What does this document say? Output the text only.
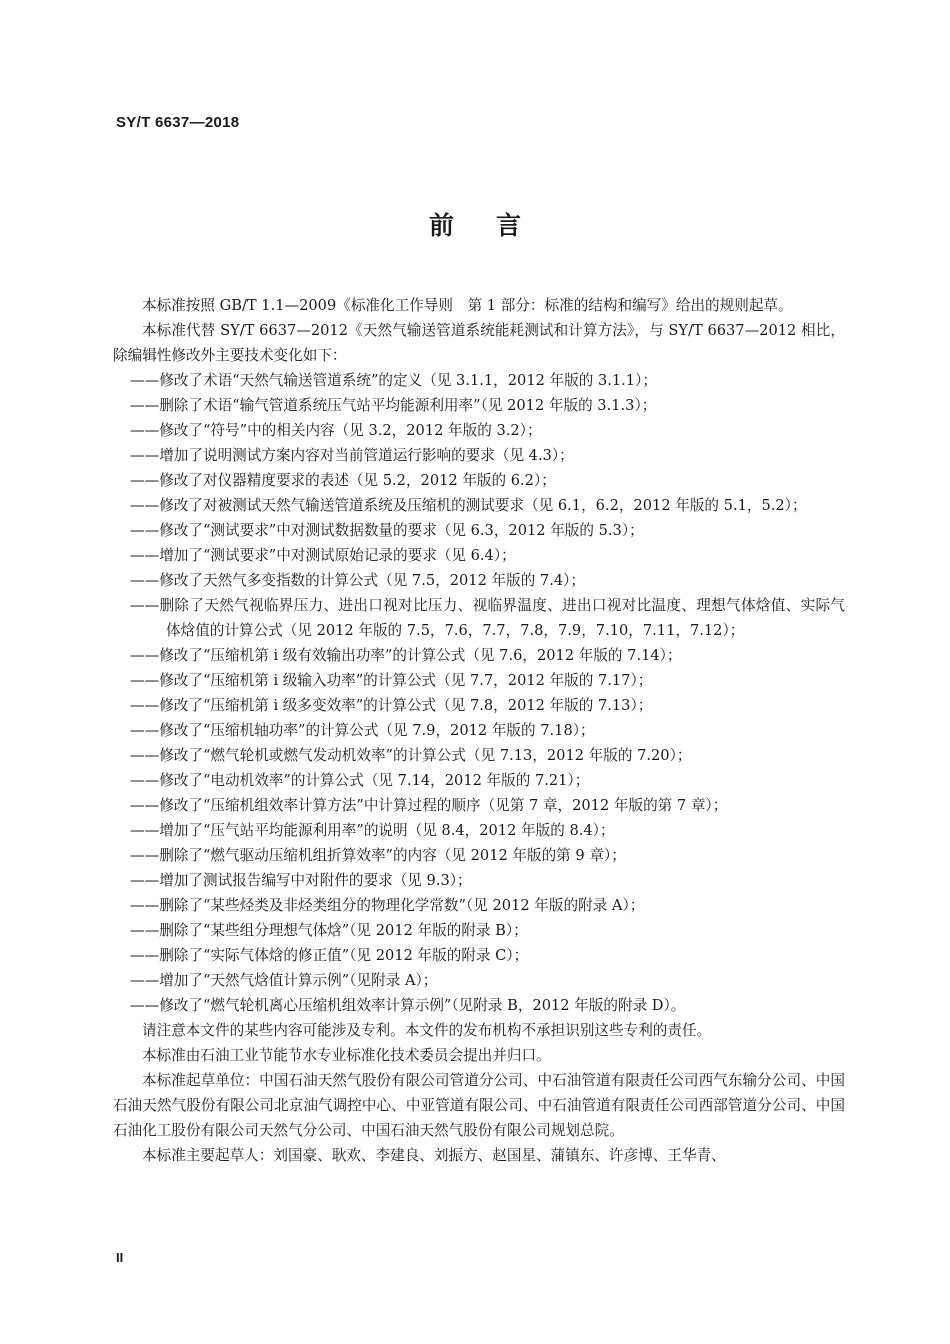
SY/T 6637—2018
前 言

本标准按照 GB/T 1.1—2009《标准化工作导则　第 1 部分：标准的结构和编写》给出的规则起草。

本标准代替 SY/T 6637—2012《天然气输送管道系统能耗测试和计算方法》，与 SY/T 6637—2012 相比，除编辑性修改外主要技术变化如下：

——修改了术语“天然气输送管道系统”的定义（见 3.1.1，2012 年版的 3.1.1）；

——删除了术语“输气管道系统压气站平均能源利用率”（见 2012 年版的 3.1.3）；

——修改了“符号”中的相关内容（见 3.2，2012 年版的 3.2）；

——增加了说明测试方案内容对当前管道运行影响的要求（见 4.3）；

——修改了对仪器精度要求的表述（见 5.2，2012 年版的 6.2）；

——修改了对被测试天然气输送管道系统及压缩机的测试要求（见 6.1，6.2，2012 年版的 5.1，5.2）；

——修改了“测试要求”中对测试数据数量的要求（见 6.3，2012 年版的 5.3）；

——增加了“测试要求”中对测试原始记录的要求（见 6.4）；

——修改了天然气多变指数的计算公式（见 7.5，2012 年版的 7.4）；

——删除了天然气视临界压力、进出口视对比压力、视临界温度、进出口视对比温度、理想气体焓值、实际气体焓值的计算公式（见 2012 年版的 7.5，7.6，7.7，7.8，7.9，7.10，7.11，7.12）；

——修改了“压缩机第 i 级有效输出功率”的计算公式（见 7.6，2012 年版的 7.14）；

——修改了“压缩机第 i 级输入功率”的计算公式（见 7.7，2012 年版的 7.17）；

——修改了“压缩机第 i 级多变效率”的计算公式（见 7.8，2012 年版的 7.13）；

——修改了“压缩机轴功率”的计算公式（见 7.9，2012 年版的 7.18）；

——修改了“燃气轮机或燃气发动机效率”的计算公式（见 7.13，2012 年版的 7.20）；

——修改了“电动机效率”的计算公式（见 7.14，2012 年版的 7.21）；

——修改了“压缩机组效率计算方法”中计算过程的顺序（见第 7 章，2012 年版的第 7 章）；

——增加了“压气站平均能源利用率”的说明（见 8.4，2012 年版的 8.4）；

——删除了“燃气驱动压缩机组折算效率”的内容（见 2012 年版的第 9 章）；

——增加了测试报告编写中对附件的要求（见 9.3）；

——删除了“某些烃类及非烃类组分的物理化学常数”（见 2012 年版的附录 A）；

——删除了“某些组分理想气体焓”（见 2012 年版的附录 B）；

——删除了“实际气体焓的修正值”（见 2012 年版的附录 C）；

——增加了“天然气焓值计算示例”（见附录 A）；

——修改了“燃气轮机离心压缩机组效率计算示例”（见附录 B，2012 年版的附录 D）。

请注意本文件的某些内容可能涉及专利。本文件的发布机构不承担识别这些专利的责任。

本标准由石油工业节能节水专业标准化技术委员会提出并归口。

本标准起草单位：中国石油天然气股份有限公司管道分公司、中石油管道有限责任公司西气东输分公司、中国石油天然气股份有限公司北京油气调控中心、中亚管道有限公司、中石油管道有限责任公司西部管道分公司、中国石油化工股份有限公司天然气分公司、中国石油天然气股份有限公司规划总院。

本标准主要起草人：刘国豪、耿欢、李建良、刘振方、赵国星、蒲镇东、许彦博、王华青、

II
